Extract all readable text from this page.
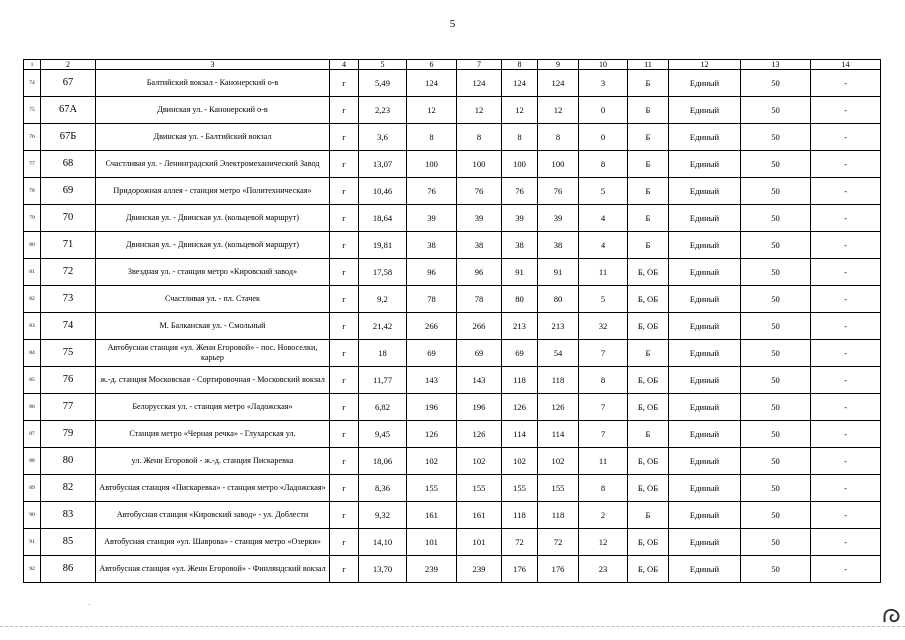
5
1	2	3	4	5	6	7	8	9	10	11	12	13	14
74	67	Балтийский вокзал - Канонерский о-в	г	5,49	124	124	124	124	3	Б	Единый	50	-
75	67А	Двинская ул. - Канонерский о-в	г	2,23	12	12	12	12	0	Б	Единый	50	-
76	67Б	Двинская ул. - Балтийский вокзал	г	3,6	8	8	8	8	0	Б	Единый	50	-
77	68	Счастливая ул. - Ленинградский Электромеханический Завод	г	13,07	100	100	100	100	8	Б	Единый	50	-
78	69	Придорожная аллея - станция метро «Политехническая»	г	10,46	76	76	76	76	5	Б	Единый	50	-
79	70	Двинская ул. - Двинская ул. (кольцевой маршрут)	г	18,64	39	39	39	39	4	Б	Единый	50	-
80	71	Двинская ул. - Двинская ул. (кольцевой маршрут)	г	19,81	38	38	38	38	4	Б	Единый	50	-
81	72	Звездная ул. - станция метро «Кировский завод»	г	17,58	96	96	91	91	11	Б, ОБ	Единый	50	-
82	73	Счастливая ул. - пл. Стачек	г	9,2	78	78	80	80	5	Б, ОБ	Единый	50	-
83	74	М. Балканская ул. - Смольный	г	21,42	266	266	213	213	32	Б, ОБ	Единый	50	-
84	75	Автобусная станция «ул. Жени Егоровой» - пос. Новоселки, карьер	г	18	69	69	69	54	7	Б	Единый	50	-
85	76	ж.-д. станция Московская - Сортировочная - Московский вокзал	г	11,77	143	143	118	118	8	Б, ОБ	Единый	50	-
86	77	Белорусская ул. - станция метро «Ладожская»	г	6,82	196	196	126	126	7	Б, ОБ	Единый	50	-
87	79	Станция метро «Черная речка» - Глухарская ул.	г	9,45	126	126	114	114	7	Б	Единый	50	-
88	80	ул. Жени Егоровой - ж.-д. станция Пискаревка	г	18,06	102	102	102	102	11	Б, ОБ	Единый	50	-
89	82	Автобусная станция «Пискаревка» - станция метро «Ладожская»	г	8,36	155	155	155	155	8	Б, ОБ	Единый	50	-
90	83	Автобусная станция «Кировский завод» - ул. Доблести	г	9,32	161	161	118	118	2	Б	Единый	50	-
91	85	Автобусная станция «ул. Шаврова» - станция метро «Озерки»	г	14,10	101	101	72	72	12	Б, ОБ	Единый	50	-
92	86	Автобусная станция «ул. Жени Егоровой» - Финляндский вокзал	г	13,70	239	239	176	176	23	Б, ОБ	Единый	50	-
.
ᘓ
